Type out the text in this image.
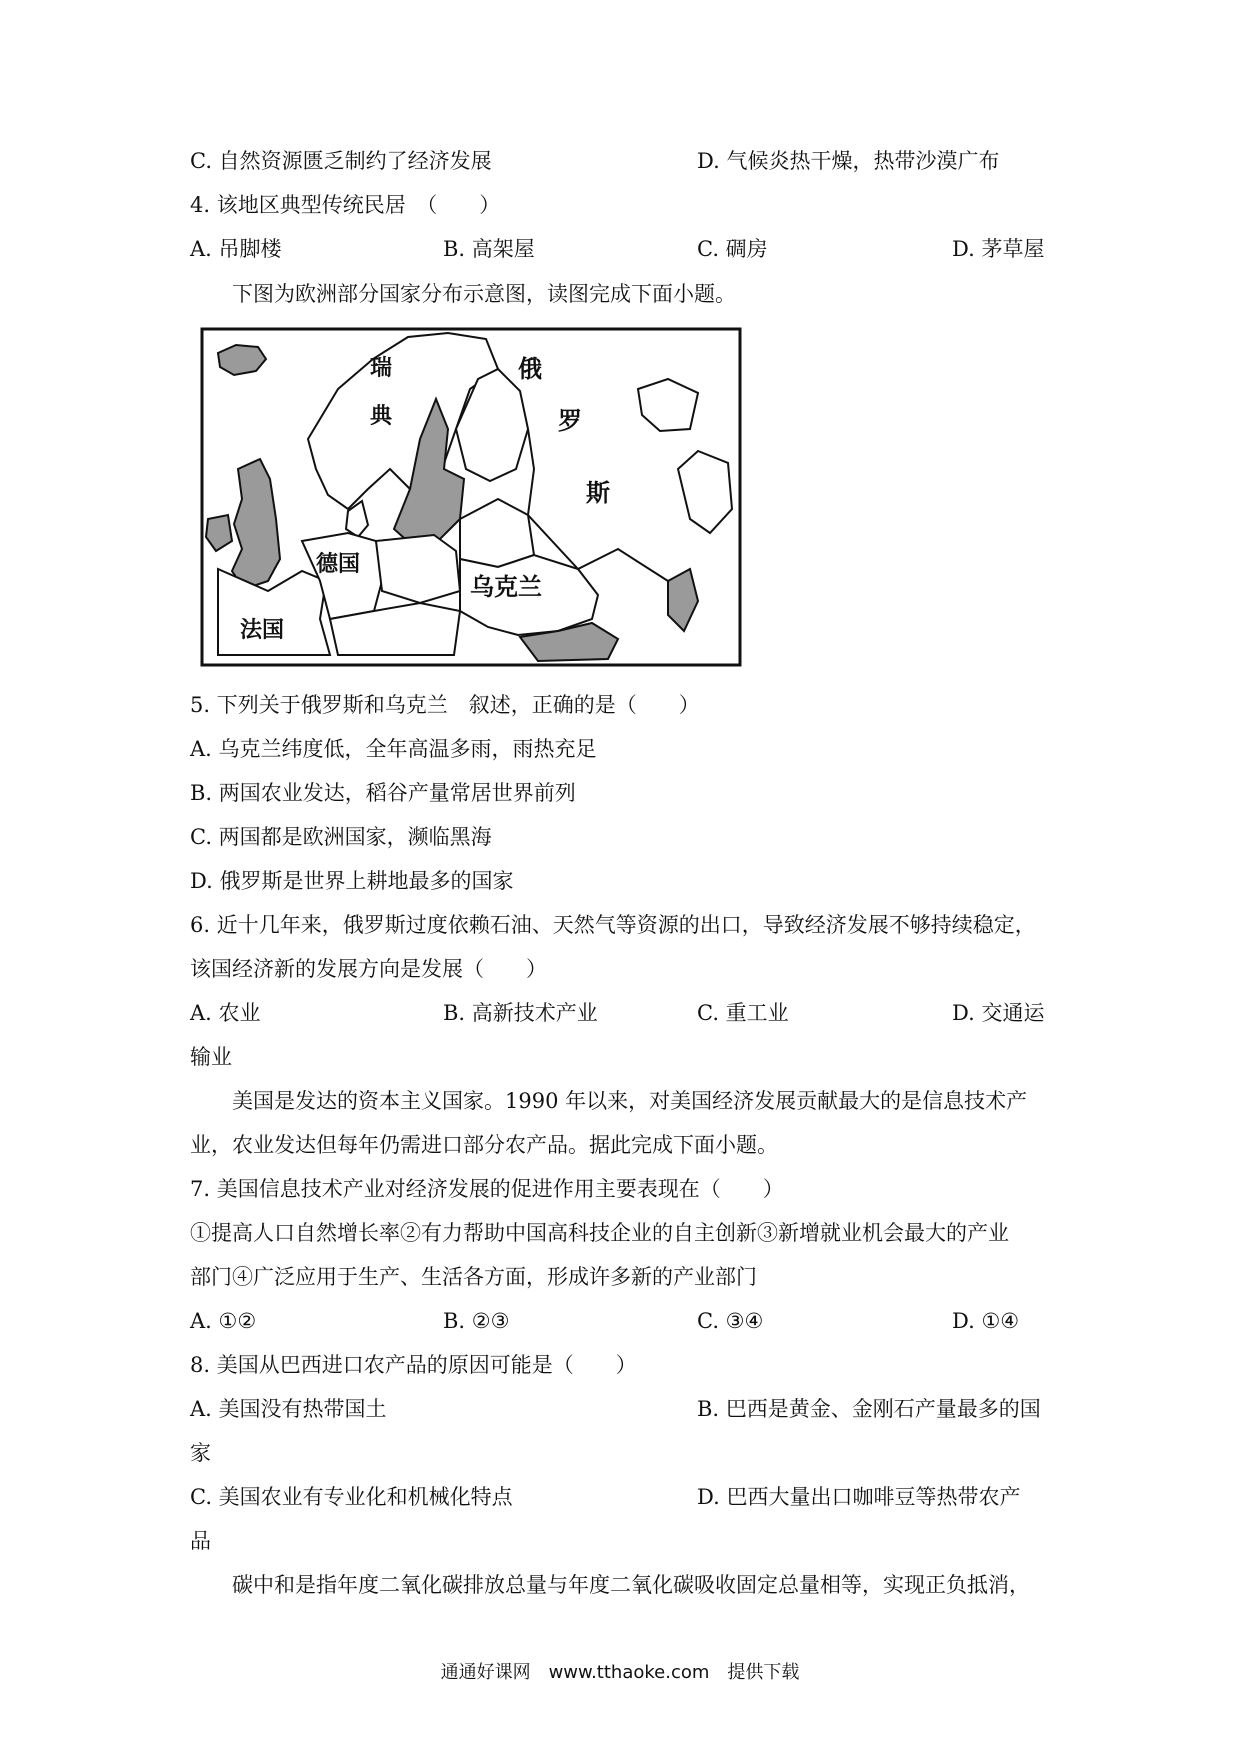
C. 自然资源匮乏制约了经济发展	D. 气候炎热干燥，热带沙漠广布
4. 该地区典型传统民居　（　　）
A. 吊脚楼	B. 高架屋	C. 碉房	D. 茅草屋
下图为欧洲部分国家分布示意图，读图完成下面小题。
瑞
典
俄
罗
斯
德国
乌克兰
法国
5. 下列关于俄罗斯和乌克兰　叙述，正确的是（　　）
A. 乌克兰纬度低，全年高温多雨，雨热充足
B. 两国农业发达，稻谷产量常居世界前列
C. 两国都是欧洲国家，濒临黑海
D. 俄罗斯是世界上耕地最多的国家
6. 近十几年来，俄罗斯过度依赖石油、天然气等资源的出口，导致经济发展不够持续稳定，
该国经济新的发展方向是发展（　　）
A. 农业	B. 高新技术产业	C. 重工业	D. 交通运
输业
美国是发达的资本主义国家。1990 年以来，对美国经济发展贡献最大的是信息技术产
业，农业发达但每年仍需进口部分农产品。据此完成下面小题。
7. 美国信息技术产业对经济发展的促进作用主要表现在（　　）
①提高人口自然增长率②有力帮助中国高科技企业的自主创新③新增就业机会最大的产业
部门④广泛应用于生产、生活各方面，形成许多新的产业部门
A. ①②	B. ②③	C. ③④	D. ①④
8. 美国从巴西进口农产品的原因可能是（　　）
A. 美国没有热带国土	B. 巴西是黄金、金刚石产量最多的国
家
C. 美国农业有专业化和机械化特点	D. 巴西大量出口咖啡豆等热带农产
品
碳中和是指年度二氧化碳排放总量与年度二氧化碳吸收固定总量相等，实现正负抵消，
通通好课网　www.tthaoke.com　提供下载
